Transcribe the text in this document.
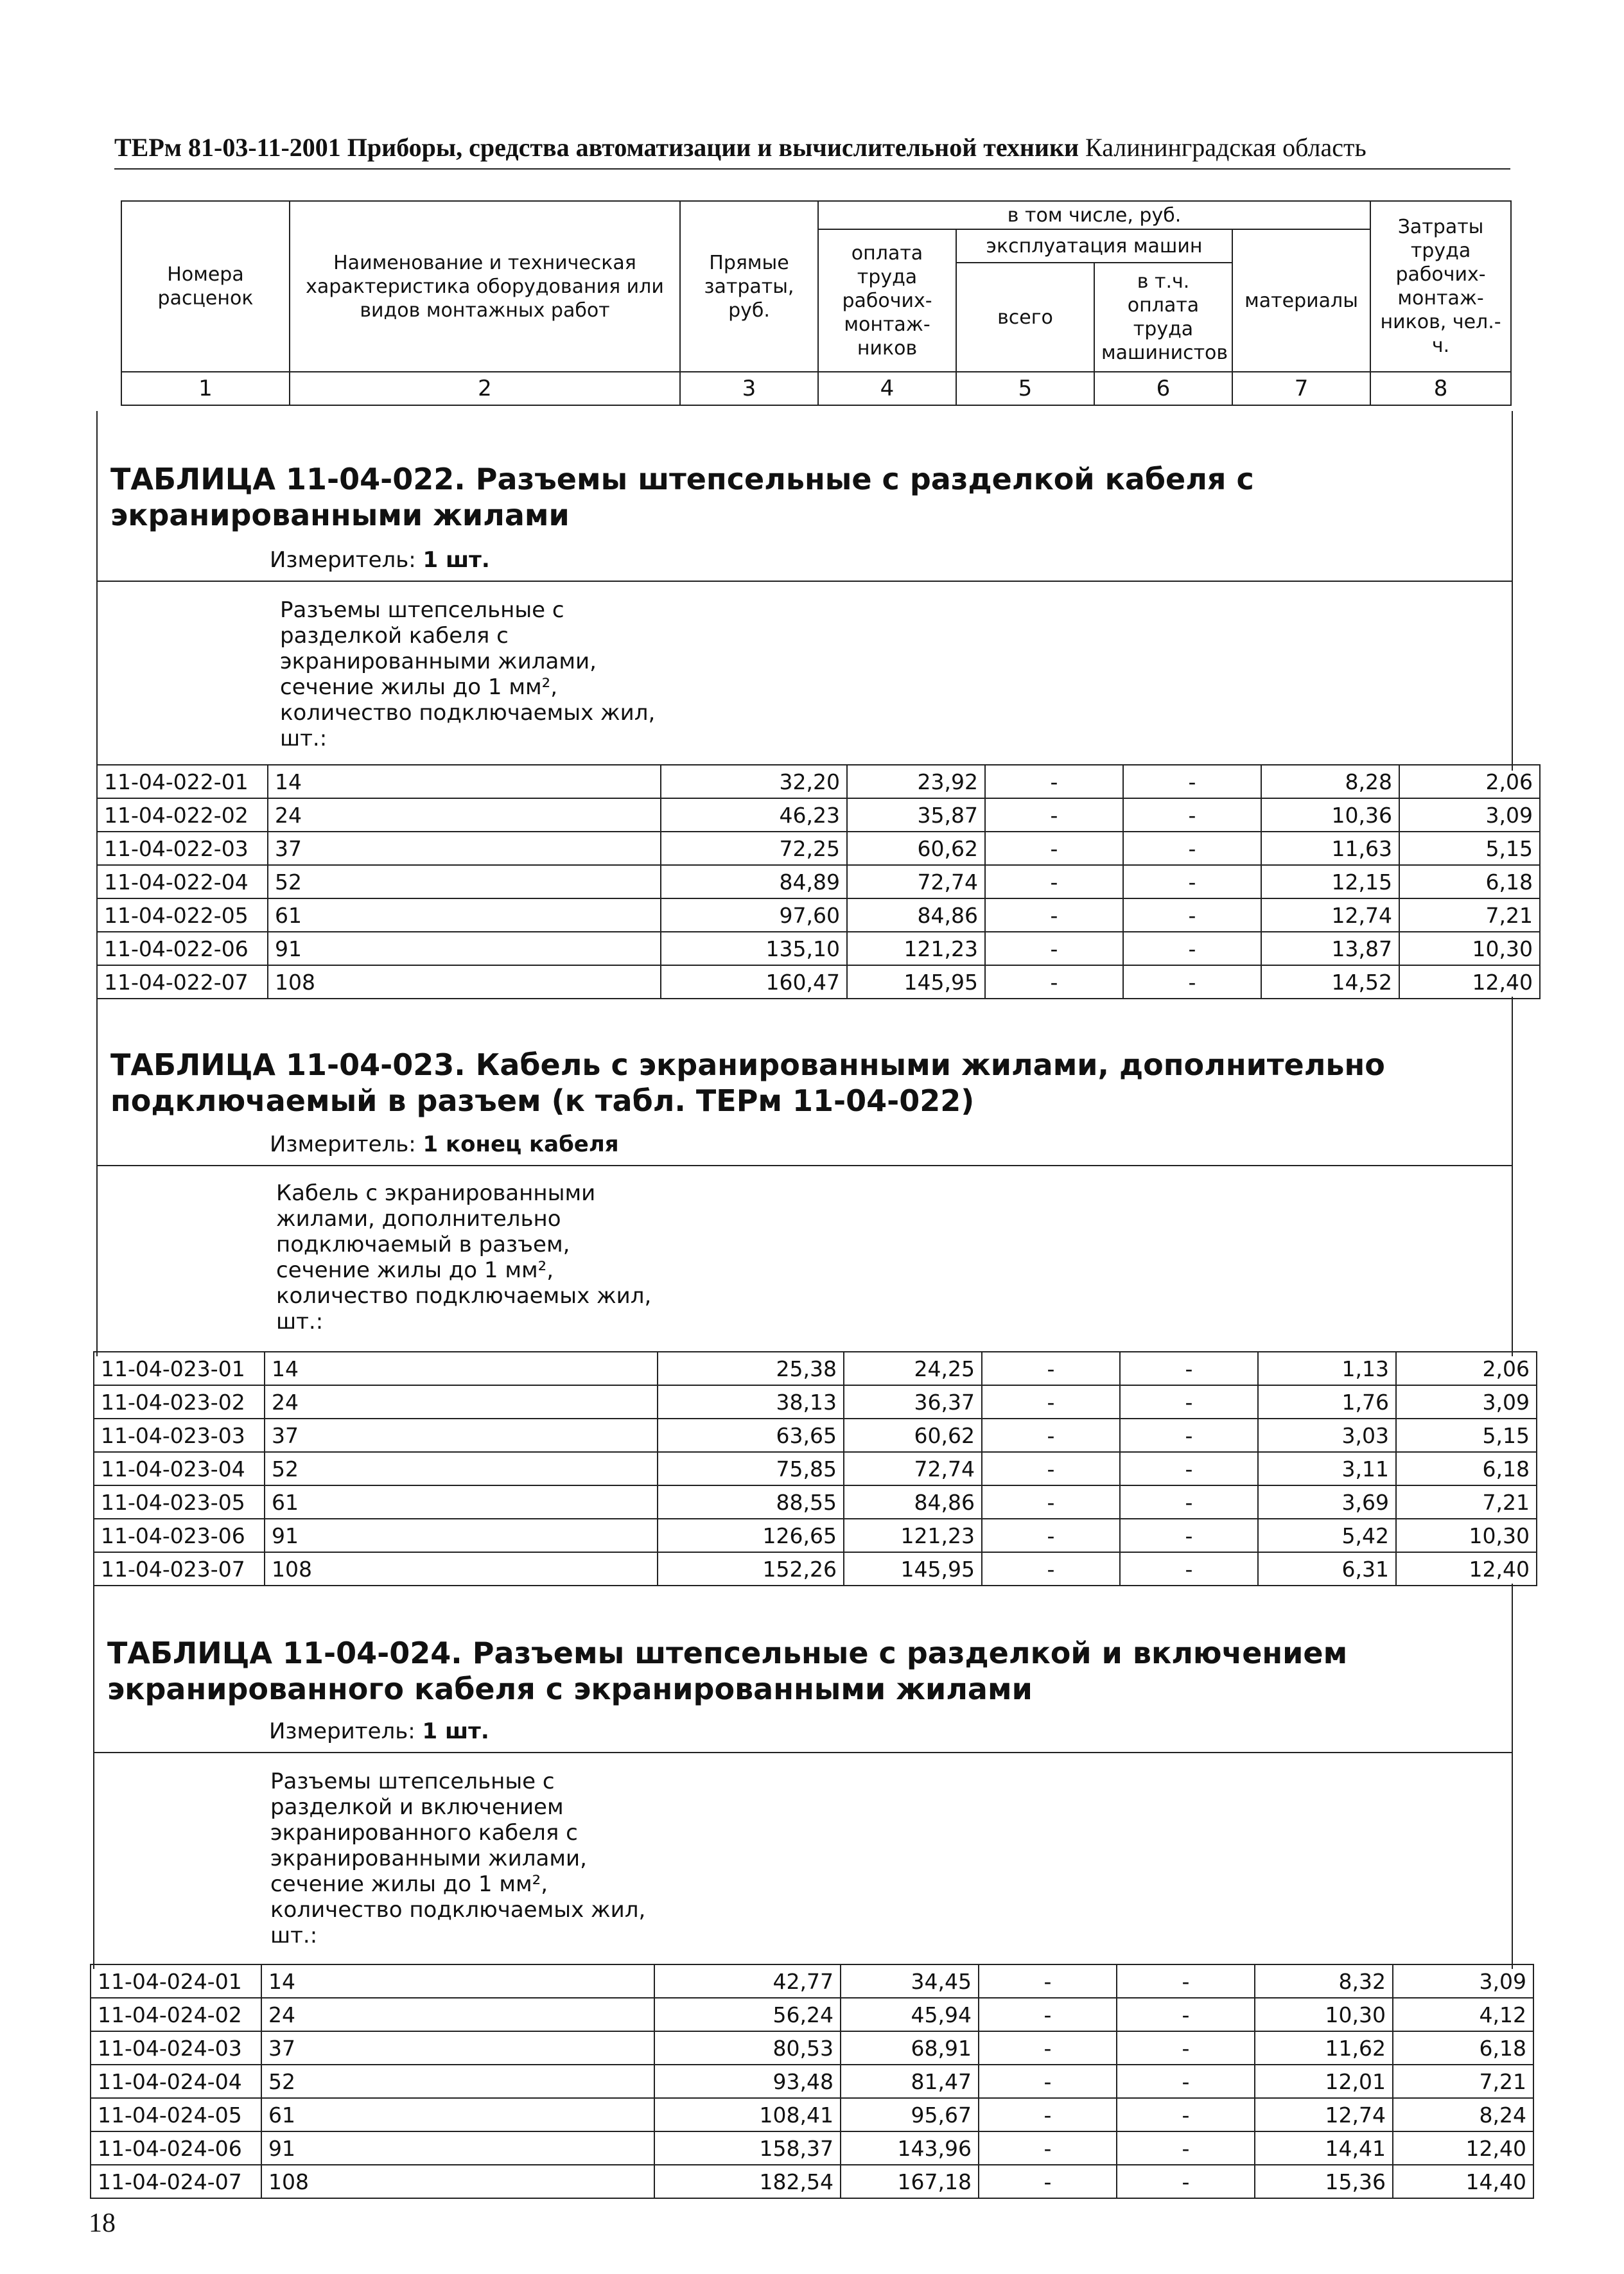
ТЕРм 81-03-11-2001 Приборы, средства автоматизации и вычислительной техники Калининградская область
Номера расценок	Наименование и техническая характеристика оборудования или видов монтажных работ	Прямые затраты, руб.	в том числе, руб.				Затраты труда рабочих-монтаж-ников, чел.-ч.
			оплата труда рабочих-монтаж-ников	эксплуатация машин		материалы	
				всего	в т.ч. оплата труда машинистов		
1	2	3	4	5	6	7	8
ТАБЛИЦА 11-04-022. Разъемы штепсельные с разделкой кабеля с экранированными жилами
Измеритель: 1 шт.
Разъемы штепсельные с
разделкой кабеля с
экранированными жилами,
сечение жилы до 1 мм²,
количество подключаемых жил,
шт.:
11-04-022-01	14	32,20	23,92	-	-	8,28	2,06
11-04-022-02	24	46,23	35,87	-	-	10,36	3,09
11-04-022-03	37	72,25	60,62	-	-	11,63	5,15
11-04-022-04	52	84,89	72,74	-	-	12,15	6,18
11-04-022-05	61	97,60	84,86	-	-	12,74	7,21
11-04-022-06	91	135,10	121,23	-	-	13,87	10,30
11-04-022-07	108	160,47	145,95	-	-	14,52	12,40
ТАБЛИЦА 11-04-023. Кабель с экранированными жилами, дополнительно подключаемый в разъем (к табл. ТЕРм 11-04-022)
Измеритель: 1 конец кабеля
Кабель с экранированными
жилами, дополнительно
подключаемый в разъем,
сечение жилы до 1 мм²,
количество подключаемых жил,
шт.:
11-04-023-01	14	25,38	24,25	-	-	1,13	2,06
11-04-023-02	24	38,13	36,37	-	-	1,76	3,09
11-04-023-03	37	63,65	60,62	-	-	3,03	5,15
11-04-023-04	52	75,85	72,74	-	-	3,11	6,18
11-04-023-05	61	88,55	84,86	-	-	3,69	7,21
11-04-023-06	91	126,65	121,23	-	-	5,42	10,30
11-04-023-07	108	152,26	145,95	-	-	6,31	12,40
ТАБЛИЦА 11-04-024. Разъемы штепсельные с разделкой и включением экранированного кабеля с экранированными жилами
Измеритель: 1 шт.
Разъемы штепсельные с
разделкой и включением
экранированного кабеля с
экранированными жилами,
сечение жилы до 1 мм²,
количество подключаемых жил,
шт.:
11-04-024-01	14	42,77	34,45	-	-	8,32	3,09
11-04-024-02	24	56,24	45,94	-	-	10,30	4,12
11-04-024-03	37	80,53	68,91	-	-	11,62	6,18
11-04-024-04	52	93,48	81,47	-	-	12,01	7,21
11-04-024-05	61	108,41	95,67	-	-	12,74	8,24
11-04-024-06	91	158,37	143,96	-	-	14,41	12,40
11-04-024-07	108	182,54	167,18	-	-	15,36	14,40
18
